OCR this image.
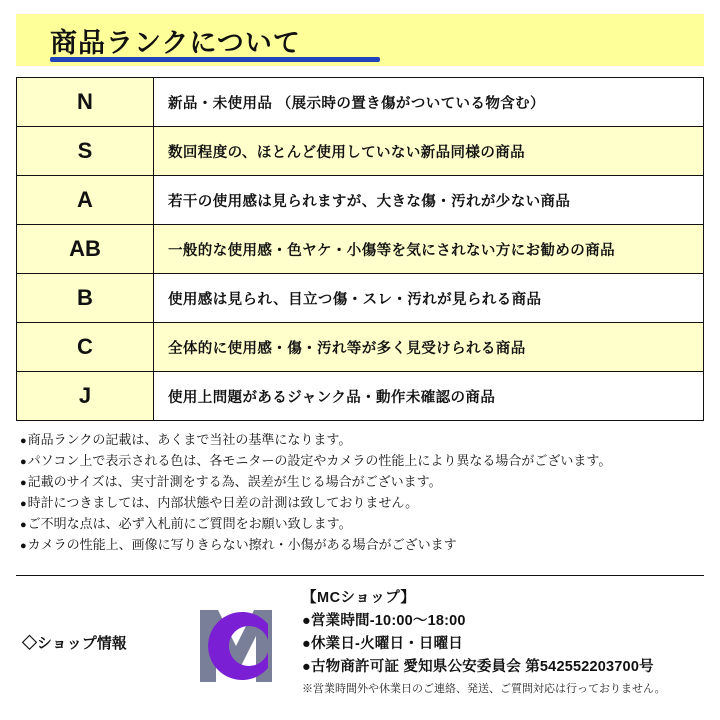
商品ランクについて
N	新品・未使用品 （展示時の置き傷がついている物含む）
S	数回程度の、ほとんど使用していない新品同様の商品
A	若干の使用感は見られますが、大きな傷・汚れが少ない商品
AB	一般的な使用感・色ヤケ・小傷等を気にされない方にお勧めの商品
B	使用感は見られ、目立つ傷・スレ・汚れが見られる商品
C	全体的に使用感・傷・汚れ等が多く見受けられる商品
J	使用上問題があるジャンク品・動作未確認の商品
●商品ランクの記載は、あくまで当社の基準になります。
●パソコン上で表示される色は、各モニターの設定やカメラの性能上により異なる場合がございます。
●記載のサイズは、実寸計測をする為、誤差が生じる場合がございます。
●時計につきましては、内部状態や日差の計測は致しておりません。
●ご不明な点は、必ず入札前にご質問をお願い致します。
●カメラの性能上、画像に写りきらない擦れ・小傷がある場合がございます
◇ショップ情報
【MCショップ】
●営業時間-10:00〜18:00
●休業日-火曜日・日曜日
●古物商許可証 愛知県公安委員会 第542552203700号
※営業時間外や休業日のご連絡、発送、ご質問対応は行っておりません。
